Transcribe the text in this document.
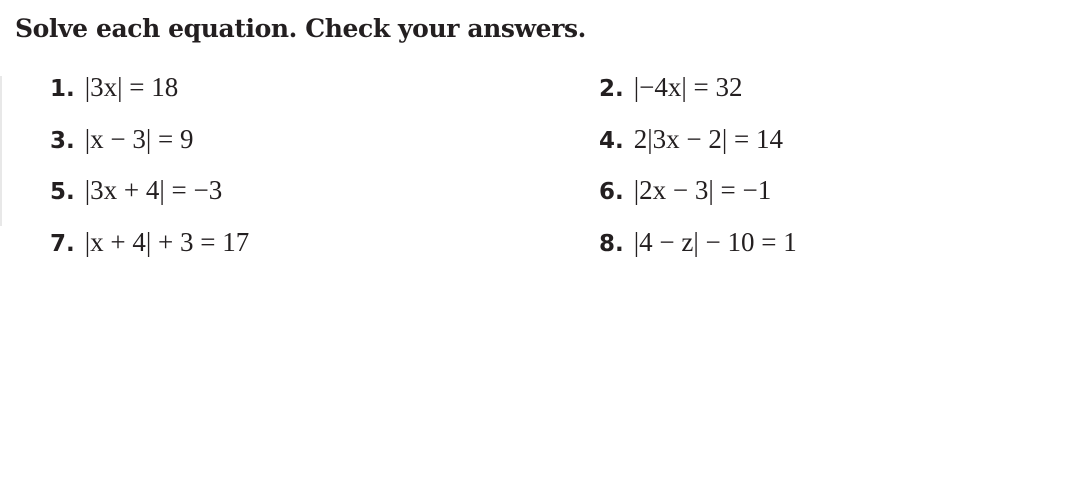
Solve each equation. Check your answers.
1. |3x| = 18	2. |−4x| = 32
3. |x − 3| = 9	4. 2|3x − 2| = 14
5. |3x + 4| = −3	6. |2x − 3| = −1
7. |x + 4| + 3 = 17	8. |4 − z| − 10 = 1
